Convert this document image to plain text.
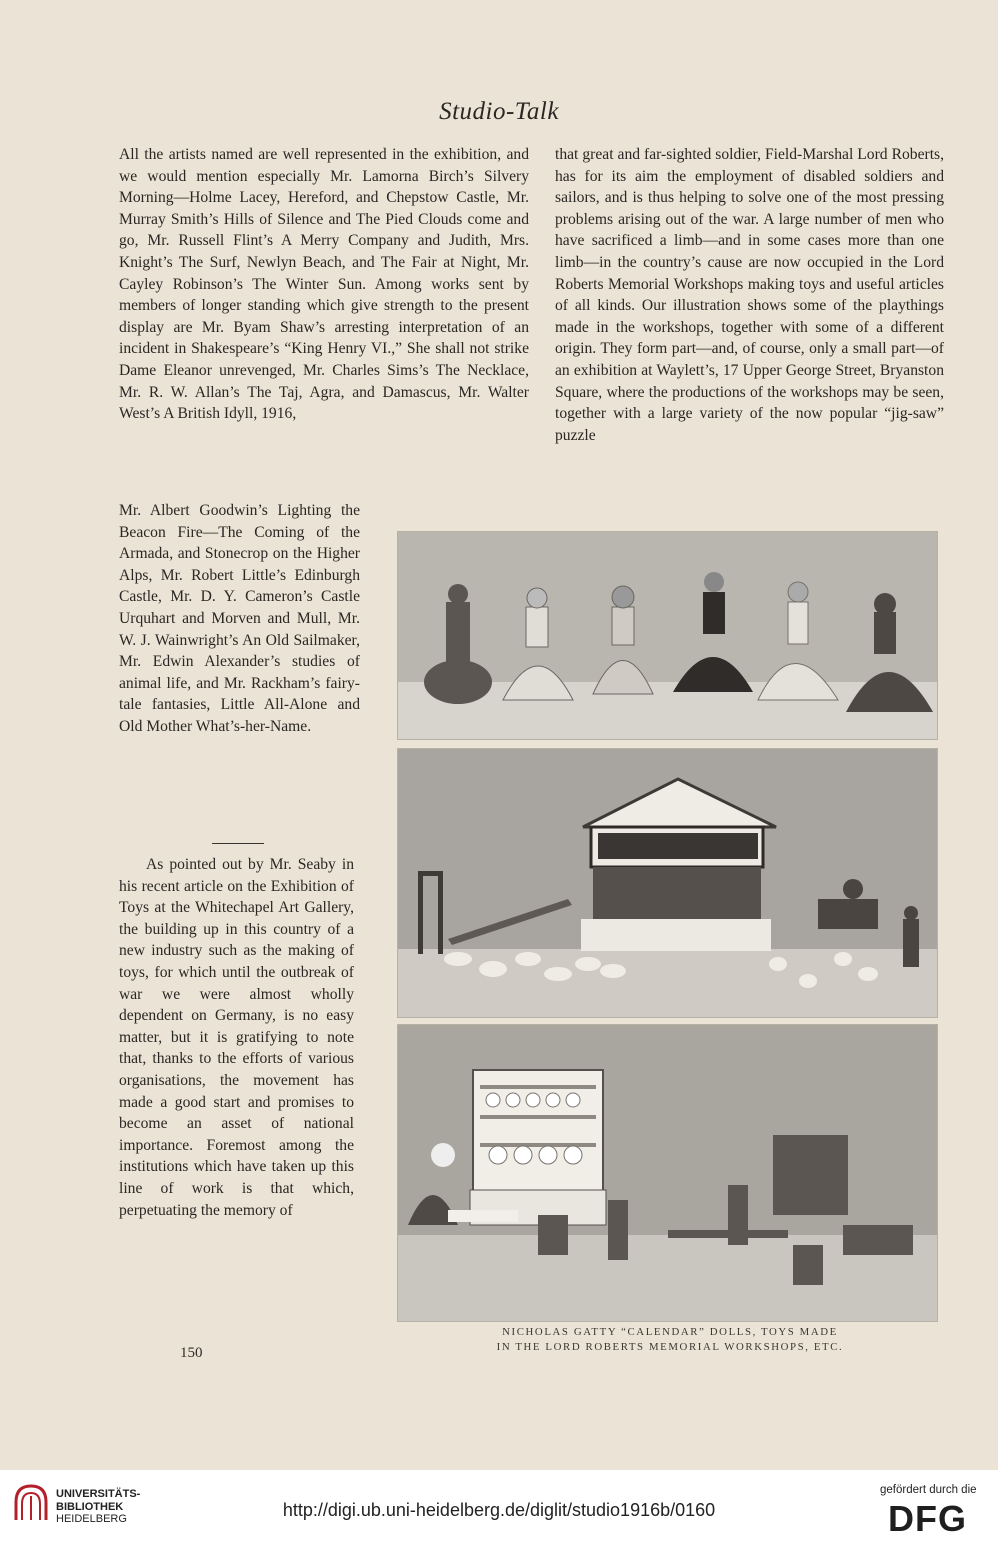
Studio-Talk

All the artists named are well represented in the exhibition, and we would mention especially Mr. Lamorna Birch’s Silvery Morning—Holme Lacey, Hereford, and Chepstow Castle, Mr. Murray Smith’s Hills of Silence and The Pied Clouds come and go, Mr. Russell Flint’s A Merry Company and Judith, Mrs. Knight’s The Surf, Newlyn Beach, and The Fair at Night, Mr. Cayley Robinson’s The Winter Sun. Among works sent by members of longer standing which give strength to the present display are Mr. Byam Shaw’s arresting interpretation of an incident in Shakespeare’s “King Henry VI.,” She shall not strike Dame Eleanor unrevenged, Mr. Charles Sims’s The Necklace, Mr. R. W. Allan’s The Taj, Agra, and Damascus, Mr. Walter West’s A British Idyll, 1916,

that great and far-sighted soldier, Field-Marshal Lord Roberts, has for its aim the employment of disabled soldiers and sailors, and is thus helping to solve one of the most pressing problems arising out of the war. A large number of men who have sacrificed a limb—and in some cases more than one limb—in the country’s cause are now occupied in the Lord Roberts Memorial Workshops making toys and useful articles of all kinds. Our illustration shows some of the playthings made in the workshops, together with some of a different origin. They form part—and, of course, only a small part—of an exhibition at Waylett’s, 17 Upper George Street, Bryanston Square, where the productions of the workshops may be seen, together with a large variety of the now popular “jig-saw” puzzle

Mr. Albert Goodwin’s Lighting the Beacon Fire—The Coming of the Armada, and Stonecrop on the Higher Alps, Mr. Robert Little’s Edinburgh Castle, Mr. D. Y. Cameron’s Castle Urquhart and Morven and Mull, Mr. W. J. Wainwright’s An Old Sailmaker, Mr. Edwin Alexander’s studies of animal life, and Mr. Rackham’s fairy-tale fantasies, Little All-Alone and Old Mother What’s-her-Name.

As pointed out by Mr. Seaby in his recent article on the Exhibition of Toys at the Whitechapel Art Gallery, the building up in this country of a new industry such as the making of toys, for which until the outbreak of war we were almost wholly dependent on Germany, is no easy matter, but it is gratifying to note that, thanks to the efforts of various organisations, the movement has made a good start and promises to become an asset of national importance. Foremost among the institutions which have taken up this line of work is that which, perpetuating the memory of

NICHOLAS GATTY “CALENDAR” DOLLS, TOYS MADE
IN THE LORD ROBERTS MEMORIAL WORKSHOPS, ETC.
150
UNIVERSITÄTS-
BIBLIOTHEK
HEIDELBERG	http://digi.ub.uni-heidelberg.de/diglit/studio1916b/0160
gefördert durch die
DFG
